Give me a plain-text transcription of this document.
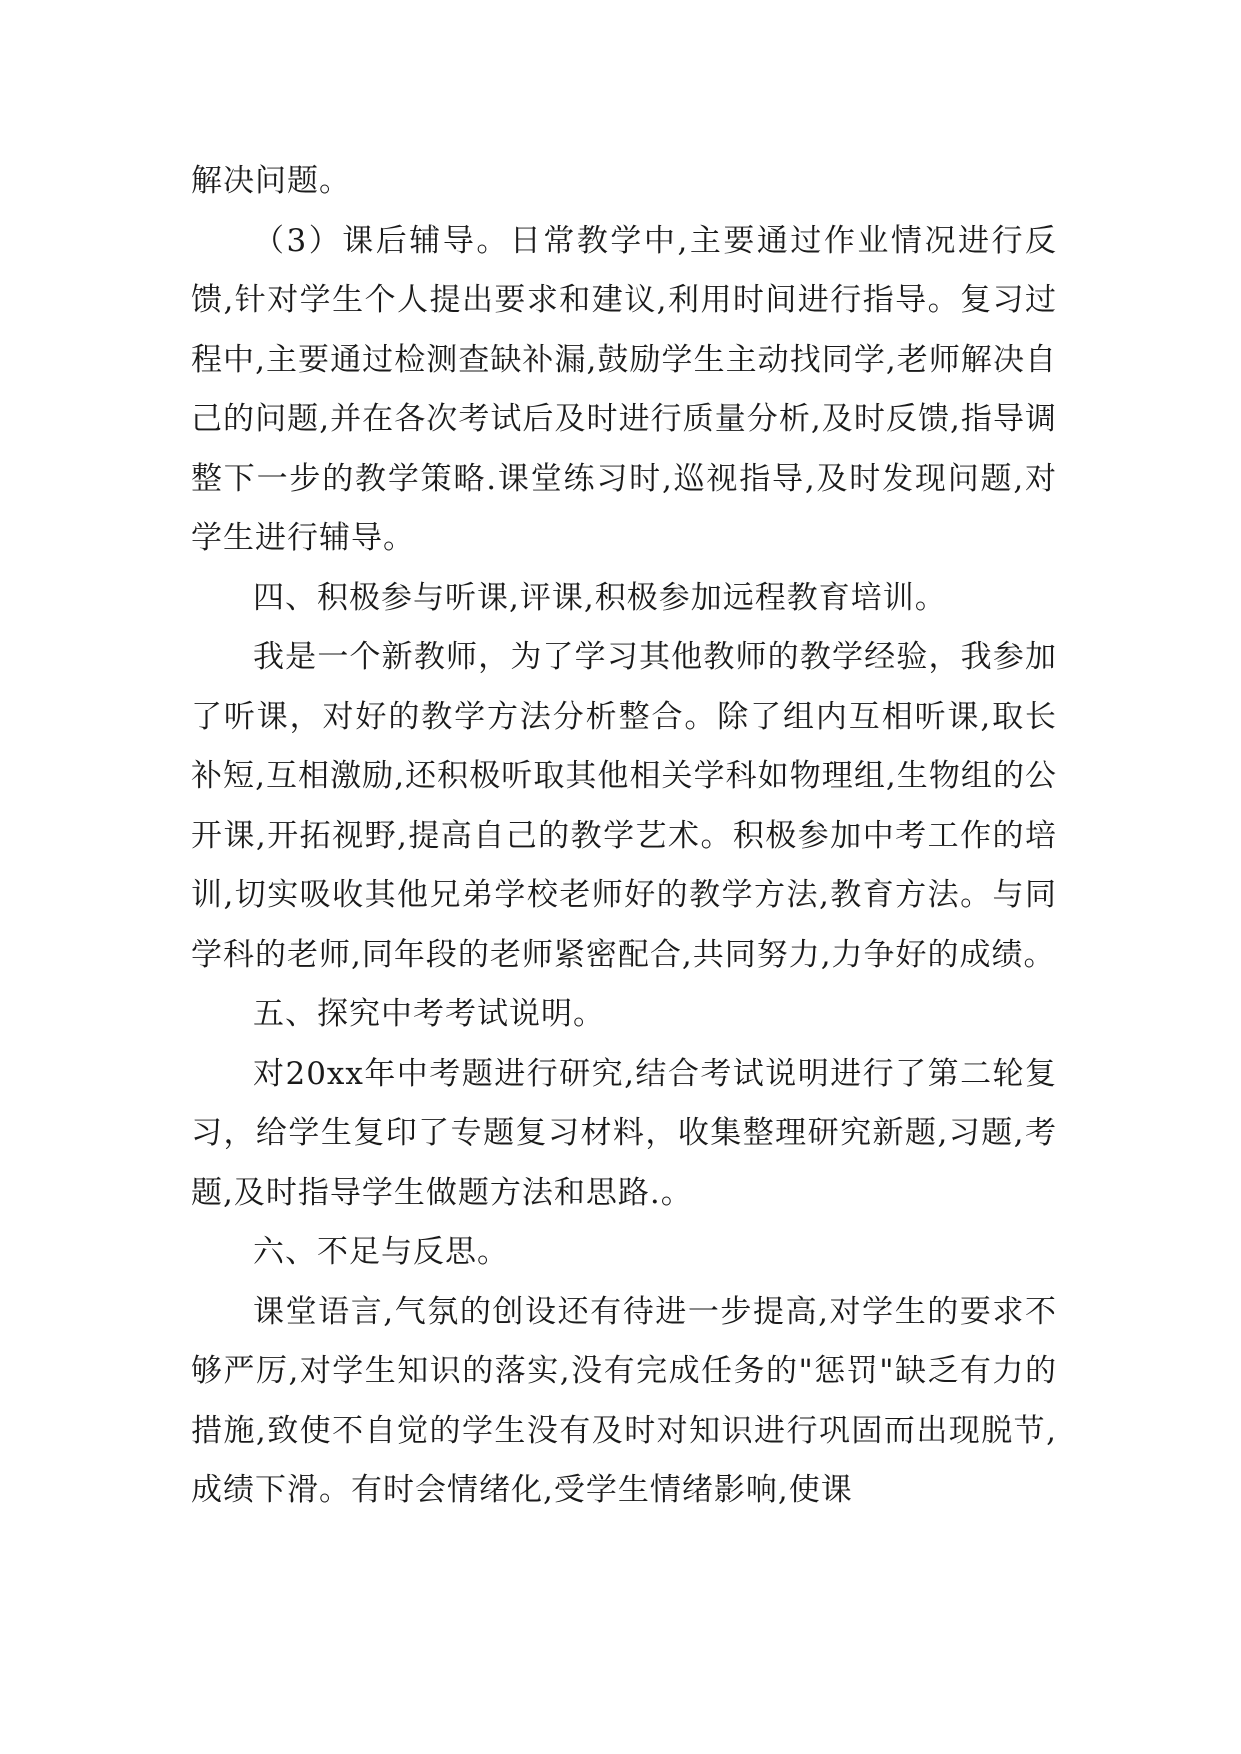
解决问题。

（3）课后辅导。日常教学中,主要通过作业情况进行反馈,针对学生个人提出要求和建议,利用时间进行指导。复习过程中,主要通过检测查缺补漏,鼓励学生主动找同学,老师解决自己的问题,并在各次考试后及时进行质量分析,及时反馈,指导调整下一步的教学策略.课堂练习时,巡视指导,及时发现问题,对学生进行辅导。

四、积极参与听课,评课,积极参加远程教育培训。

我是一个新教师，为了学习其他教师的教学经验，我参加了听课，对好的教学方法分析整合。除了组内互相听课,取长补短,互相激励,还积极听取其他相关学科如物理组,生物组的公开课,开拓视野,提高自己的教学艺术。积极参加中考工作的培训,切实吸收其他兄弟学校老师好的教学方法,教育方法。与同学科的老师,同年段的老师紧密配合,共同努力,力争好的成绩。

五、探究中考考试说明。

对20xx年中考题进行研究,结合考试说明进行了第二轮复习，给学生复印了专题复习材料，收集整理研究新题,习题,考题,及时指导学生做题方法和思路.。

六、不足与反思。

课堂语言,气氛的创设还有待进一步提高,对学生的要求不够严厉,对学生知识的落实,没有完成任务的"惩罚"缺乏有力的措施,致使不自觉的学生没有及时对知识进行巩固而出现脱节,成绩下滑。有时会情绪化,受学生情绪影响,使课
